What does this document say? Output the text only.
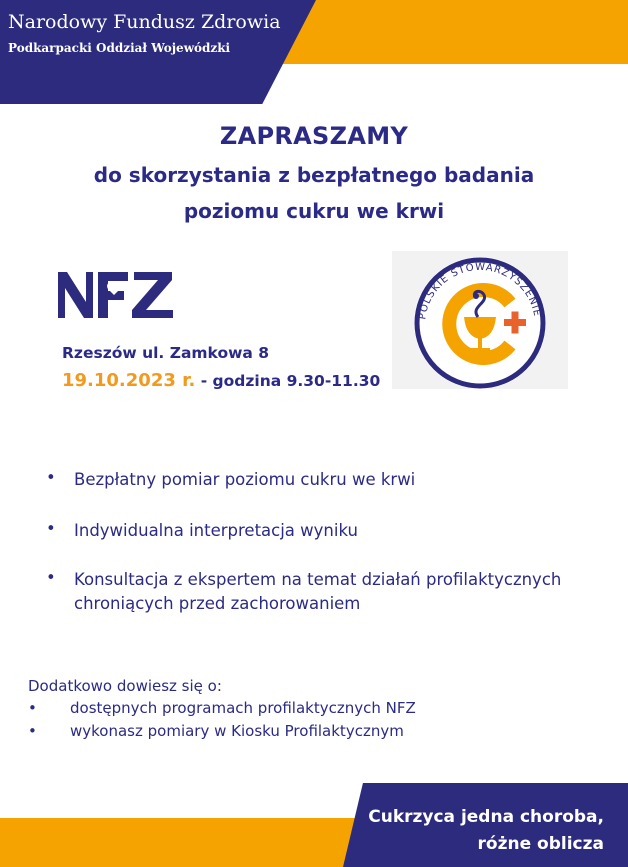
Narodowy Fundusz Zdrowia
Podkarpacki Oddział Wojewódzki
ZAPRASZAMY
do skorzystania z bezpłatnego badania
poziomu cukru we krwi
Rzeszów ul. Zamkowa 8
19.10.2023 r. - godzina 9.30-11.30
POLSKIE STOWARZYSZENIE
• Bezpłatny pomiar poziomu cukru we krwi
• Indywidualna interpretacja wyniku
• Konsultacja z ekspertem na temat działań profilaktycznych chroniących przed zachorowaniem
Dodatkowo dowiesz się o:
• dostępnych programach profilaktycznych NFZ
• wykonasz pomiary w Kiosku Profilaktycznym
Cukrzyca jedna choroba,
różne oblicza
